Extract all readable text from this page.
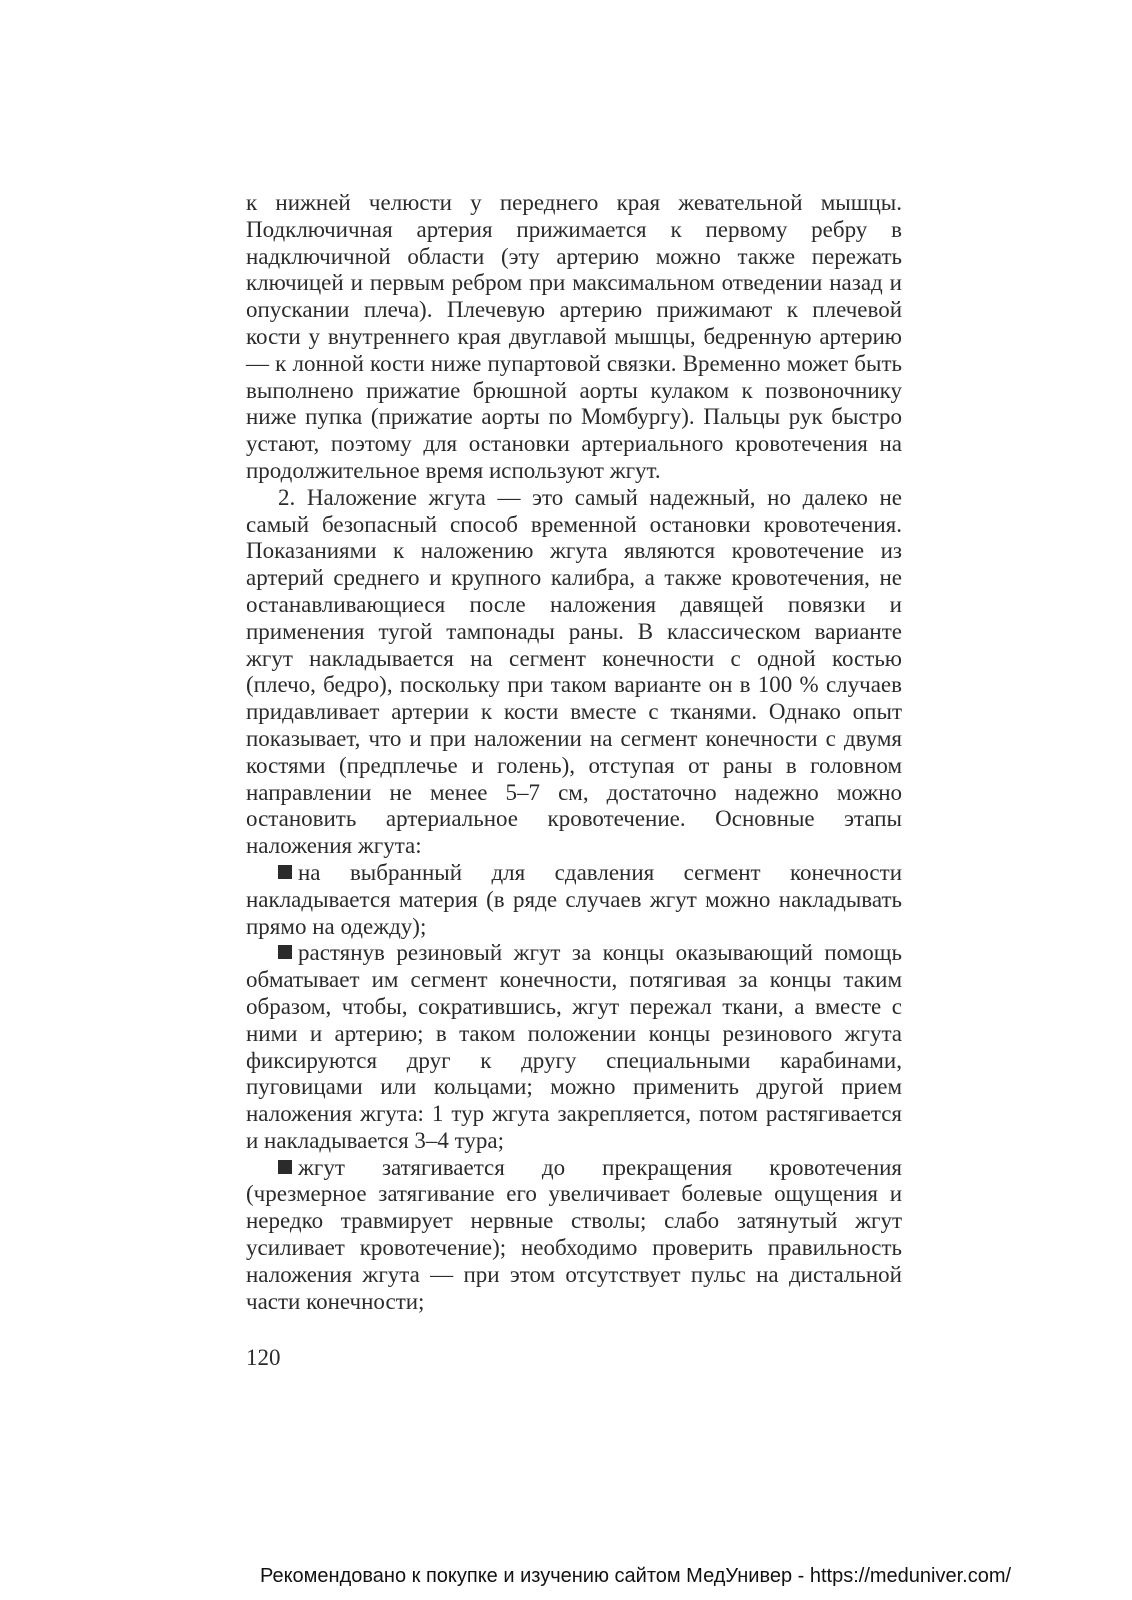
к нижней челюсти у переднего края жевательной мышцы. Подключичная артерия прижимается к первому ребру в надключичной области (эту артерию можно также пережать ключицей и первым ребром при максимальном отведении назад и опускании плеча). Плечевую артерию прижимают к плечевой кости у внутреннего края двуглавой мышцы, бедренную артерию — к лонной кости ниже пупартовой связки. Временно может быть выполнено прижатие брюшной аорты кулаком к позвоночнику ниже пупка (прижатие аорты по Момбургу). Пальцы рук быстро устают, поэтому для остановки артериального кровотечения на продолжительное время используют жгут.

2. Наложение жгута — это самый надежный, но далеко не самый безопасный способ временной остановки кровотечения. Показаниями к наложению жгута являются кровотечение из артерий среднего и крупного калибра, а также кровотечения, не останавливающиеся после наложения давящей повязки и применения тугой тампонады раны. В классическом варианте жгут накладывается на сегмент конечности с одной костью (плечо, бедро), поскольку при таком варианте он в 100 % случаев придавливает артерии к кости вместе с тканями. Однако опыт показывает, что и при наложении на сегмент конечности с двумя костями (предплечье и голень), отступая от раны в головном направлении не менее 5–7 см, достаточно надежно можно остановить артериальное кровотечение. Основные этапы наложения жгута:

на выбранный для сдавления сегмент конечности накладывается материя (в ряде случаев жгут можно накладывать прямо на одежду);

растянув резиновый жгут за концы оказывающий помощь обматывает им сегмент конечности, потягивая за концы таким образом, чтобы, сократившись, жгут пережал ткани, а вместе с ними и артерию; в таком положении концы резинового жгута фиксируются друг к другу специальными карабинами, пуговицами или кольцами; можно применить другой прием наложения жгута: 1 тур жгута закрепляется, потом растягивается и накладывается 3–4 тура;

жгут затягивается до прекращения кровотечения (чрезмерное затягивание его увеличивает болевые ощущения и нередко травмирует нервные стволы; слабо затянутый жгут усиливает кровотечение); необходимо проверить правильность наложения жгута — при этом отсутствует пульс на дистальной части конечности;

120
Рекомендовано к покупке и изучению сайтом МедУнивер - https://meduniver.com/
